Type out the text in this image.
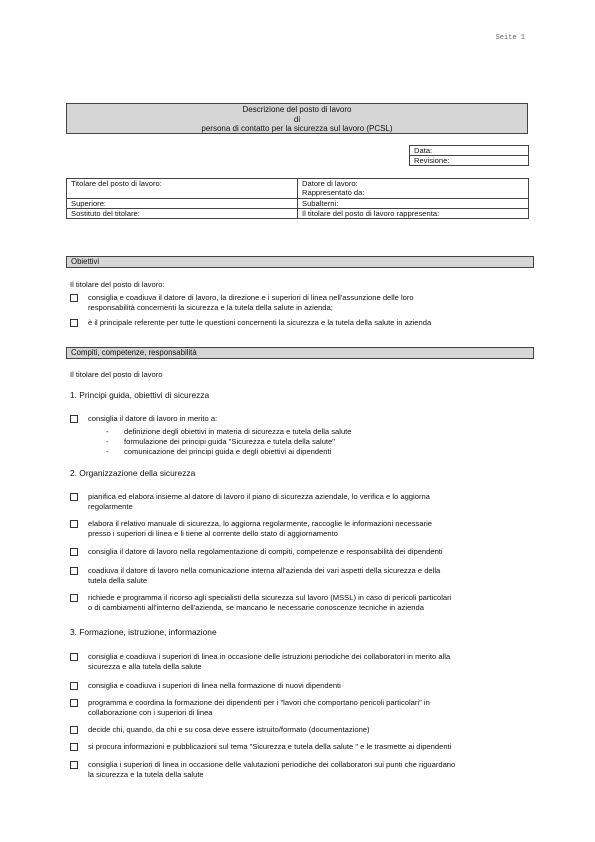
Seite 1
Descrizione del posto di lavoro
di
persona di contatto per la sicurezza sul lavoro (PCSL)
Data:
Revisione:
Titolare del posto di lavoro:	Datore di lavoro:
Rappresentato da:

Superiore:	Subalterni:
Sostituto del titolare:	Il titolare del posto di lavoro rappresenta:
Obiettivi
Il titolare del posto di lavoro:
consiglia e coadiuva il datore di lavoro, la direzione e i superiori di linea nell'assunzione delle loro
responsabilità concernenti la sicurezza e la tutela della salute in azienda;
è il principale referente per tutte le questioni concernenti la sicurezza e la tutela della salute in azienda
Compiti, competenze, responsabilità
Il titolare del posto di lavoro
1. Principi guida, obiettivi di sicurezza
consiglia il datore di lavoro in merito a:
- definizione degli obiettivi in materia di sicurezza e tutela della salute
- formulazione dei principi guida "Sicurezza e tutela della salute"
- comunicazione dei principi guida e degli obiettivi ai dipendenti
2. Organizzazione della sicurezza
pianifica ed elabora insieme al datore di lavoro il piano di sicurezza aziendale, lo verifica e lo aggiorna
regolarmente
elabora il relativo manuale di sicurezza, lo aggiorna regolarmente, raccoglie le informazioni necessarie
presso i superiori di linea e li tiene al corrente dello stato di aggiornamento
consiglia il datore di lavoro nella regolamentazione di compiti, competenze e responsabilità dei dipendenti
coadiuva il datore di lavoro nella comunicazione interna all'azienda dei vari aspetti della sicurezza e della
tutela della salute
richiede e programma il ricorso agli specialisti della sicurezza sul lavoro (MSSL) in caso di pericoli particolari
o di cambiamenti all'interno dell'azienda, se mancano le necessarie conoscenze tecniche in azienda
3. Formazione, istruzione, informazione
consiglia e coadiuva i superiori di linea in occasione delle istruzioni periodiche dei collaboratori in merito alla
sicurezza e alla tutela della salute
consiglia e coadiuva i superiori di linea nella formazione di nuovi dipendenti
programma e coordina la formazione dei dipendenti per i "lavori che comportano pericoli particolari" in
collaborazione con i superiori di linea
decide chi, quando, da chi e su cosa deve essere istruito/formato (documentazione)
si procura informazioni e pubblicazioni sul tema "Sicurezza e tutela della salute " e le trasmette ai dipendenti
consiglia i superiori di linea in occasione delle valutazioni periodiche dei collaboratori sui punti che riguardano
la sicurezza e la tutela della salute
